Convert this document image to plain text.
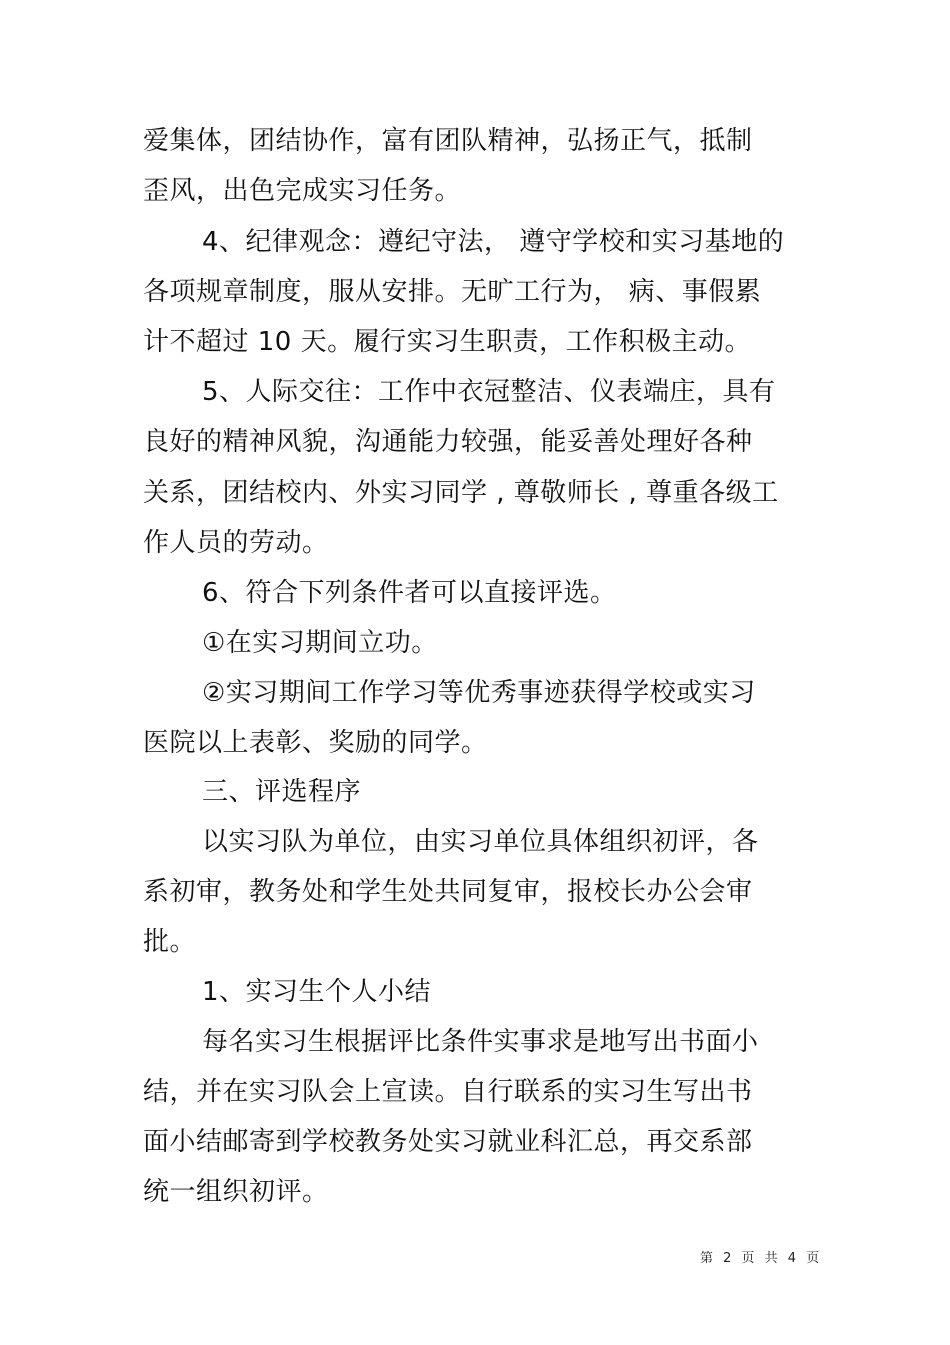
爱集体，团结协作，富有团队精神，弘扬正气，抵制

歪风，出色完成实习任务。

4、纪律观念：遵纪守法， 遵守学校和实习基地的

各项规章制度，服从安排。无旷工行为， 病、事假累

计不超过 10 天。履行实习生职责，工作积极主动。

5、人际交往：工作中衣冠整洁、仪表端庄，具有

良好的精神风貌，沟通能力较强，能妥善处理好各种

关系，团结校内、外实习同学 , 尊敬师长 , 尊重各级工

作人员的劳动。

6、符合下列条件者可以直接评选。

①在实习期间立功。

②实习期间工作学习等优秀事迹获得学校或实习

医院以上表彰、奖励的同学。

三、评选程序

以实习队为单位，由实习单位具体组织初评，各

系初审，教务处和学生处共同复审，报校长办公会审

批。

1、实习生个人小结

每名实习生根据评比条件实事求是地写出书面小

结，并在实习队会上宣读。自行联系的实习生写出书

面小结邮寄到学校教务处实习就业科汇总，再交系部

统一组织初评。

第 2 页 共 4 页
